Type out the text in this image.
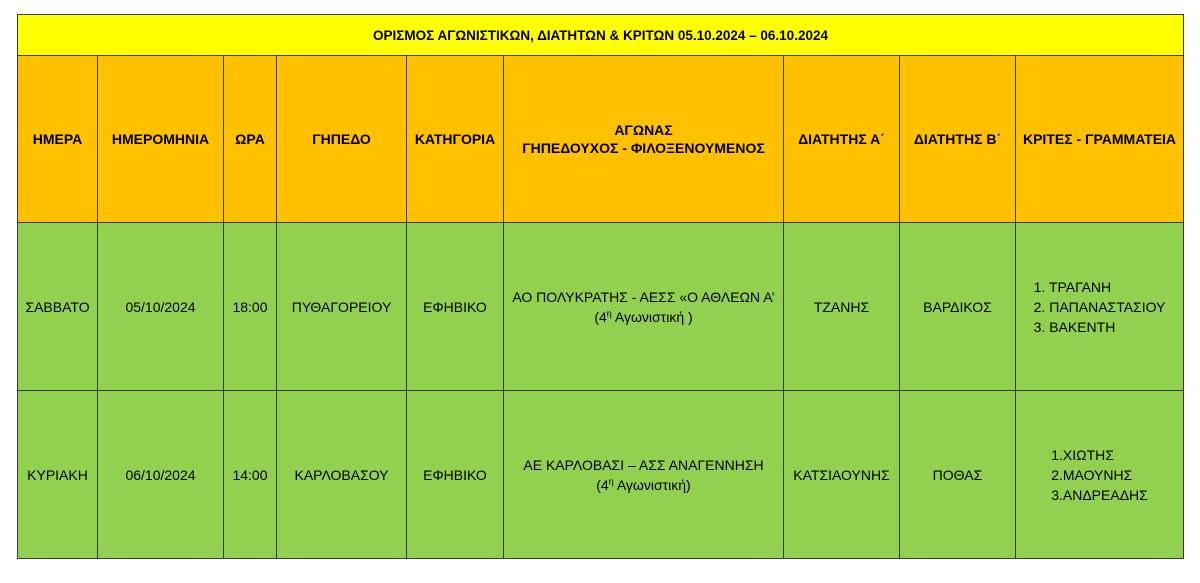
ΟΡΙΣΜΟΣ ΑΓΩΝΙΣΤΙΚΩΝ, ΔΙΑΤΗΤΩΝ & ΚΡΙΤΩΝ 05.10.2024 – 06.10.2024								
ΗΜΕΡΑ	ΗΜΕΡΟΜΗΝΙΑ	ΩΡΑ	ΓΗΠΕΔΟ	ΚΑΤΗΓΟΡΙΑ	ΑΓΩΝΑΣ
ΓΗΠΕΔΟΥΧΟΣ - ΦΙΛΟΞΕΝΟΥΜΕΝΟΣ	ΔΙΑΤΗΤΗΣ Α΄	ΔΙΑΤΗΤΗΣ Β΄	ΚΡΙΤΕΣ - ΓΡΑΜΜΑΤΕΙΑ
ΣΑΒΒΑΤΟ	05/10/2024	18:00	ΠΥΘΑΓΟΡΕΙΟΥ	ΕΦΗΒΙΚΟ	ΑΟ ΠΟΛΥΚΡΑΤΗΣ - ΑΕΣΣ «Ο ΑΘΛΕΩΝ Α’
($4^\eta$ Αγωνιστική )	ΤΖΑΝΗΣ	ΒΑΡΔΙΚΟΣ	1. ΤΡΑΓΑΝΗ
2. ΠΑΠΑΝΑΣΤΑΣΙΟΥ
3. ΒΑΚΕΝΤΗ

ΚΥΡΙΑΚΗ	06/10/2024	14:00	ΚΑΡΛΟΒΑΣΟΥ	ΕΦΗΒΙΚΟ	ΑΕ ΚΑΡΛΟΒΑΣΙ – ΑΣΣ ΑΝΑΓΕΝΝΗΣΗ
($4^\eta$ Αγωνιστική)	ΚΑΤΣΙΑΟΥΝΗΣ	ΠΟΘΑΣ	1.ΧΙΩΤΗΣ
2.ΜΑΟΥΝΗΣ
3.ΑΝΔΡΕΑΔΗΣ
